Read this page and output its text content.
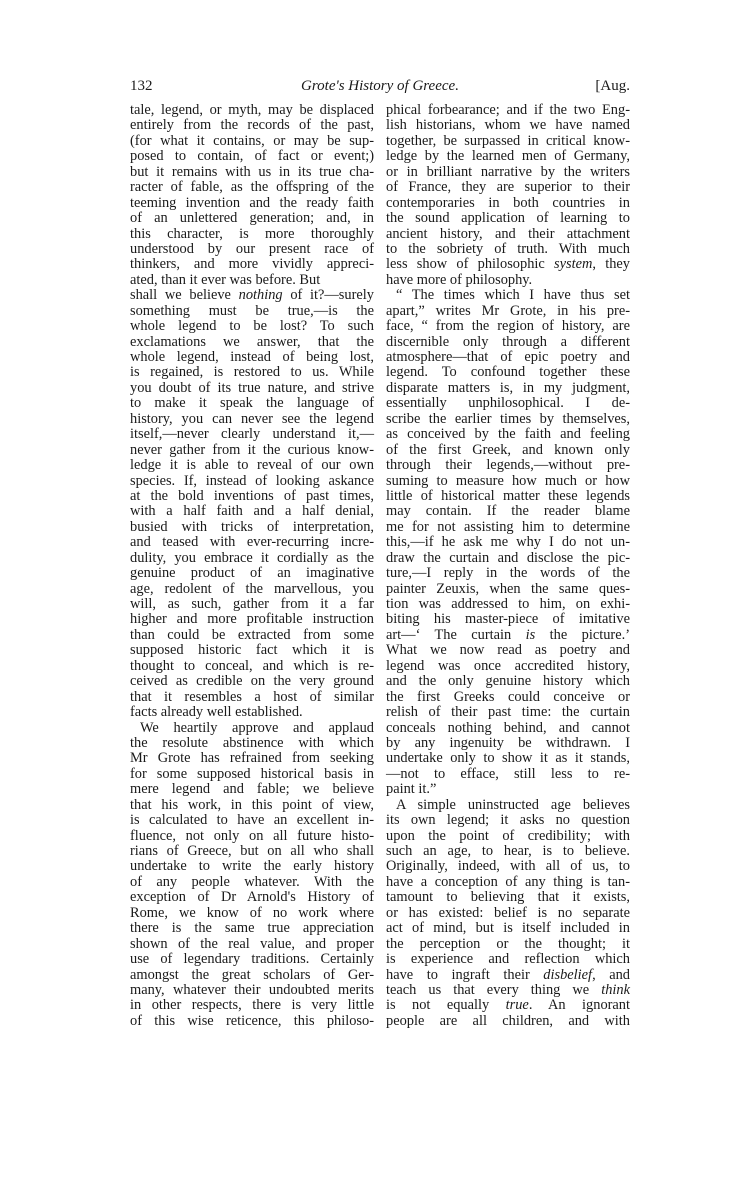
132	Grote's History of Greece.	[Aug.
tale, legend, or myth, may be displaced
entirely from the records of the past,
(for what it contains, or may be sup-
posed to contain, of fact or event;)
but it remains with us in its true cha-
racter of fable, as the offspring of the
teeming invention and the ready faith
of an unlettered generation; and, in
this character, is more thoroughly
understood by our present race of
thinkers, and more vividly appreci-
ated, than it ever was before. But
shall we believe nothing of it?—surely
something must be true,—is the
whole legend to be lost? To such
exclamations we answer, that the
whole legend, instead of being lost,
is regained, is restored to us. While
you doubt of its true nature, and strive
to make it speak the language of
history, you can never see the legend
itself,—never clearly understand it,—
never gather from it the curious know-
ledge it is able to reveal of our own
species. If, instead of looking askance
at the bold inventions of past times,
with a half faith and a half denial,
busied with tricks of interpretation,
and teased with ever-recurring incre-
dulity, you embrace it cordially as the
genuine product of an imaginative
age, redolent of the marvellous, you
will, as such, gather from it a far
higher and more profitable instruction
than could be extracted from some
supposed historic fact which it is
thought to conceal, and which is re-
ceived as credible on the very ground
that it resembles a host of similar
facts already well established.
We heartily approve and applaud
the resolute abstinence with which
Mr Grote has refrained from seeking
for some supposed historical basis in
mere legend and fable; we believe
that his work, in this point of view,
is calculated to have an excellent in-
fluence, not only on all future histo-
rians of Greece, but on all who shall
undertake to write the early history
of any people whatever. With the
exception of Dr Arnold's History of
Rome, we know of no work where
there is the same true appreciation
shown of the real value, and proper
use of legendary traditions. Certainly
amongst the great scholars of Ger-
many, whatever their undoubted merits
in other respects, there is very little
of this wise reticence, this philoso-
phical forbearance; and if the two Eng-
lish historians, whom we have named
together, be surpassed in critical know-
ledge by the learned men of Germany,
or in brilliant narrative by the writers
of France, they are superior to their
contemporaries in both countries in
the sound application of learning to
ancient history, and their attachment
to the sobriety of truth. With much
less show of philosophic system, they
have more of philosophy.
“ The times which I have thus set
apart,” writes Mr Grote, in his pre-
face, “ from the region of history, are
discernible only through a different
atmosphere—that of epic poetry and
legend. To confound together these
disparate matters is, in my judgment,
essentially unphilosophical. I de-
scribe the earlier times by themselves,
as conceived by the faith and feeling
of the first Greek, and known only
through their legends,—without pre-
suming to measure how much or how
little of historical matter these legends
may contain. If the reader blame
me for not assisting him to determine
this,—if he ask me why I do not un-
draw the curtain and disclose the pic-
ture,—I reply in the words of the
painter Zeuxis, when the same ques-
tion was addressed to him, on exhi-
biting his master-piece of imitative
art—‘ The curtain is the picture.’
What we now read as poetry and
legend was once accredited history,
and the only genuine history which
the first Greeks could conceive or
relish of their past time: the curtain
conceals nothing behind, and cannot
by any ingenuity be withdrawn. I
undertake only to show it as it stands,
—not to efface, still less to re-
paint it.”
A simple uninstructed age believes
its own legend; it asks no question
upon the point of credibility; with
such an age, to hear, is to believe.
Originally, indeed, with all of us, to
have a conception of any thing is tan-
tamount to believing that it exists,
or has existed: belief is no separate
act of mind, but is itself included in
the perception or the thought; it
is experience and reflection which
have to ingraft their disbelief, and
teach us that every thing we think
is not equally true. An ignorant
people are all children, and with
